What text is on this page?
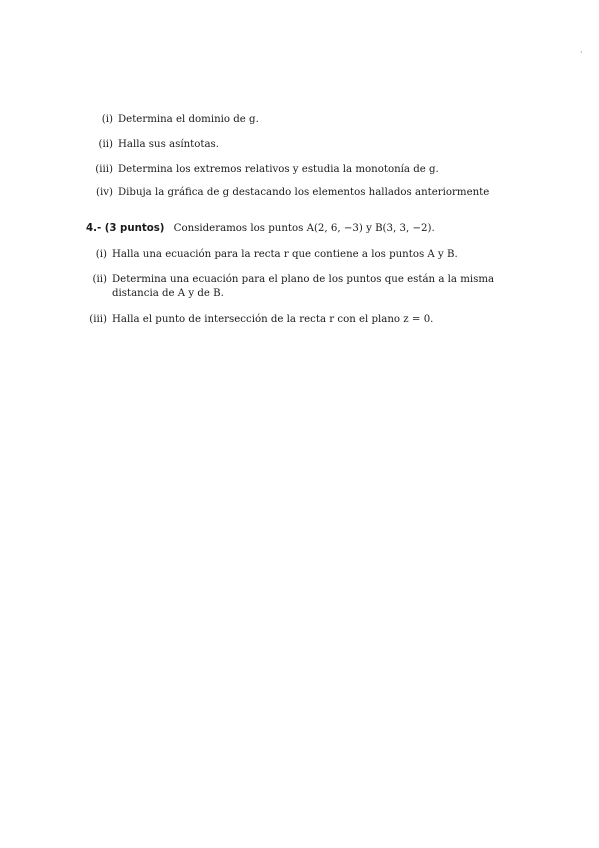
·
(i) Determina el dominio de g.
(ii) Halla sus asíntotas.
(iii) Determina los extremos relativos y estudia la monotonía de g.
(iv) Dibuja la gráfica de g destacando los elementos hallados anteriormente
4.- (3 puntos) Consideramos los puntos A(2, 6, −3) y B(3, 3, −2).
(i) Halla una ecuación para la recta r que contiene a los puntos A y B.
(ii) Determina una ecuación para el plano de los puntos que están a la misma distancia de A y de B.
(iii) Halla el punto de intersección de la recta r con el plano z = 0.
